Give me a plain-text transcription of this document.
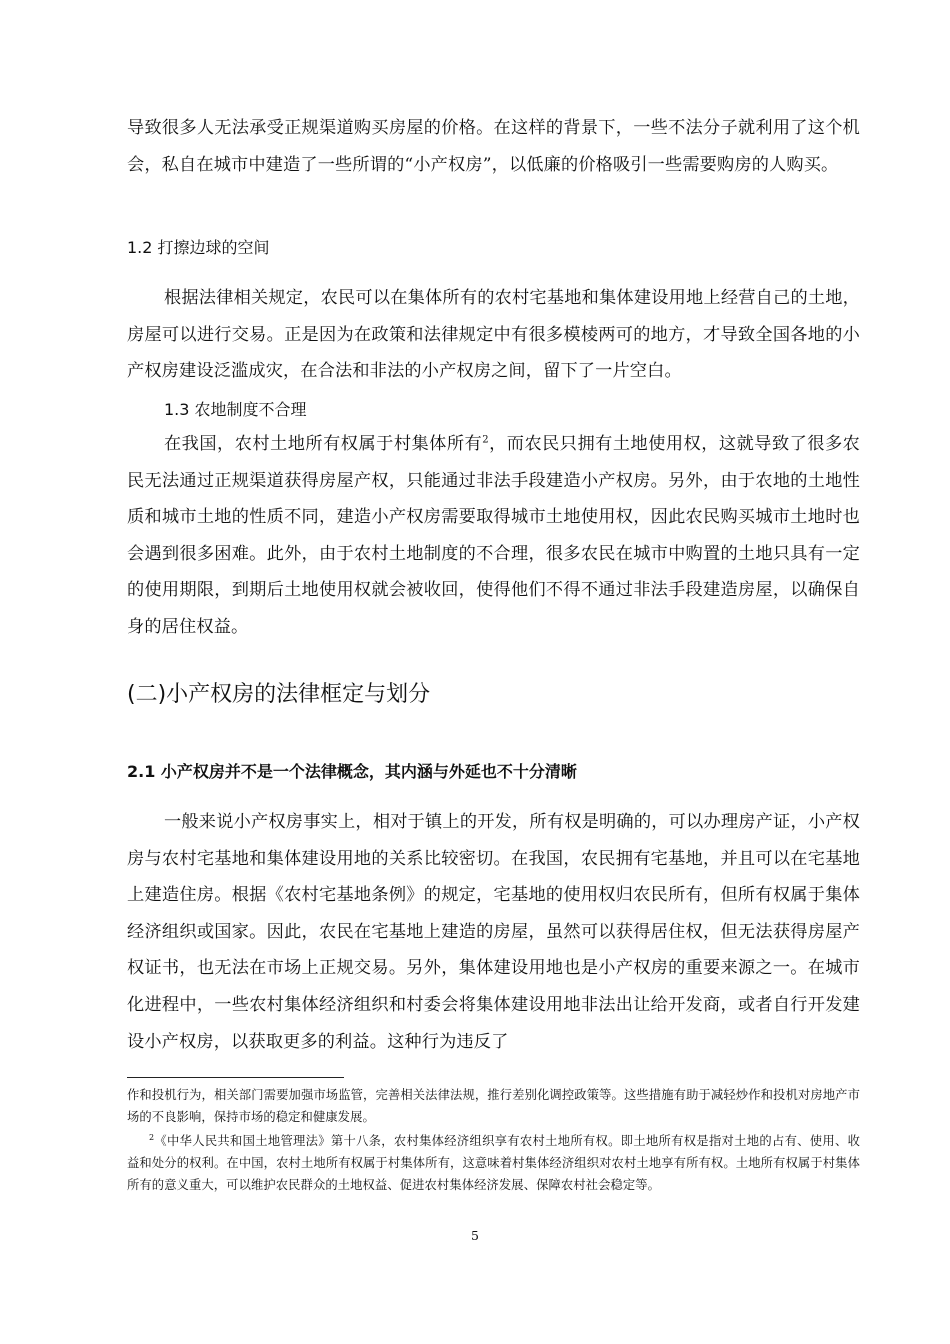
导致很多人无法承受正规渠道购买房屋的价格。在这样的背景下，一些不法分子就利用了这个机会，私自在城市中建造了一些所谓的“小产权房”，以低廉的价格吸引一些需要购房的人购买。

1.2 打擦边球的空间

根据法律相关规定，农民可以在集体所有的农村宅基地和集体建设用地上经营自己的土地，房屋可以进行交易。正是因为在政策和法律规定中有很多模棱两可的地方，才导致全国各地的小产权房建设泛滥成灾，在合法和非法的小产权房之间，留下了一片空白。

1.3 农地制度不合理

在我国，农村土地所有权属于村集体所有$^2$，而农民只拥有土地使用权，这就导致了很多农民无法通过正规渠道获得房屋产权，只能通过非法手段建造小产权房。另外，由于农地的土地性质和城市土地的性质不同，建造小产权房需要取得城市土地使用权，因此农民购买城市土地时也会遇到很多困难。此外，由于农村土地制度的不合理，很多农民在城市中购置的土地只具有一定的使用期限，到期后土地使用权就会被收回，使得他们不得不通过非法手段建造房屋，以确保自身的居住权益。

(二)小产权房的法律框定与划分

2.1 小产权房并不是一个法律概念，其内涵与外延也不十分清晰

一般来说小产权房事实上，相对于镇上的开发，所有权是明确的，可以办理房产证，小产权房与农村宅基地和集体建设用地的关系比较密切。在我国，农民拥有宅基地，并且可以在宅基地上建造住房。根据《农村宅基地条例》的规定，宅基地的使用权归农民所有，但所有权属于集体经济组织或国家。因此，农民在宅基地上建造的房屋，虽然可以获得居住权，但无法获得房屋产权证书，也无法在市场上正规交易。另外，集体建设用地也是小产权房的重要来源之一。在城市化进程中，一些农村集体经济组织和村委会将集体建设用地非法出让给开发商，或者自行开发建设小产权房，以获取更多的利益。这种行为违反了

作和投机行为，相关部门需要加强市场监管，完善相关法律法规，推行差别化调控政策等。这些措施有助于减轻炒作和投机对房地产市场的不良影响，保持市场的稳定和健康发展。

$^2$《中华人民共和国土地管理法》第十八条，农村集体经济组织享有农村土地所有权。即土地所有权是指对土地的占有、使用、收益和处分的权利。在中国，农村土地所有权属于村集体所有，这意味着村集体经济组织对农村土地享有所有权。土地所有权属于村集体所有的意义重大，可以维护农民群众的土地权益、促进农村集体经济发展、保障农村社会稳定等。

5
